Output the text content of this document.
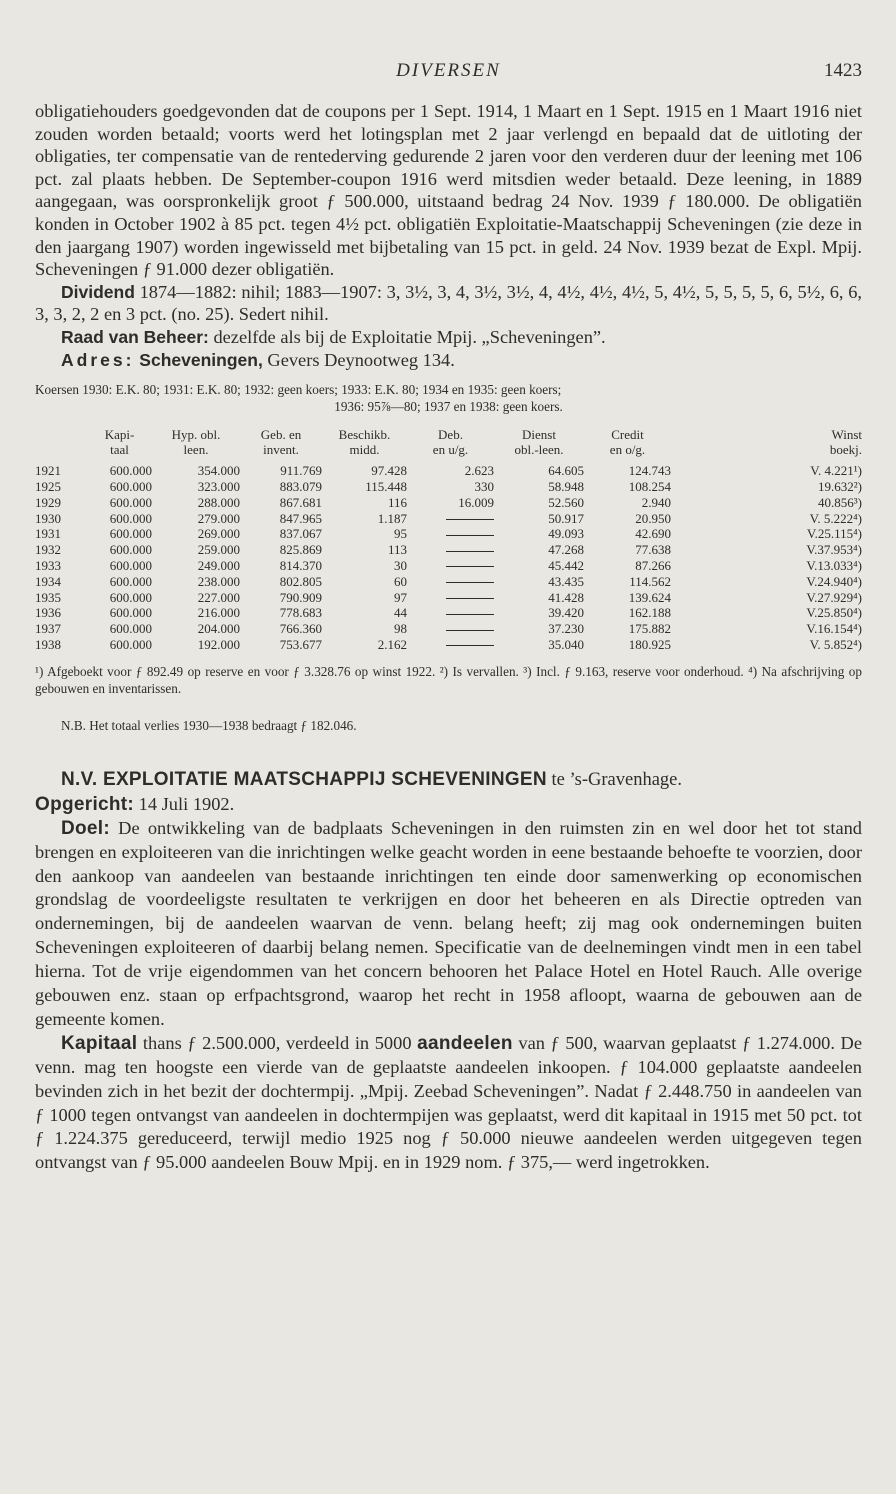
DIVERSEN	1423

obligatiehouders goedgevonden dat de coupons per 1 Sept. 1914, 1 Maart en 1 Sept. 1915 en 1 Maart 1916 niet zouden worden betaald; voorts werd het lotingsplan met 2 jaar verlengd en bepaald dat de uitloting der obligaties, ter compensatie van de rentederving gedurende 2 jaren voor den verderen duur der leening met 106 pct. zal plaats hebben. De September-coupon 1916 werd mitsdien weder betaald. Deze leening, in 1889 aangegaan, was oorspronkelijk groot ƒ 500.000, uitstaand bedrag 24 Nov. 1939 ƒ 180.000. De obligatiën konden in October 1902 à 85 pct. tegen 4½ pct. obligatiën Exploitatie-Maatschappij Scheveningen (zie deze in den jaargang 1907) worden ingewisseld met bijbetaling van 15 pct. in geld. 24 Nov. 1939 bezat de Expl. Mpij. Scheveningen ƒ 91.000 dezer obligatiën.

Dividend 1874—1882: nihil; 1883—1907: 3, 3½, 3, 4, 3½, 3½, 4, 4½, 4½, 4½, 5, 4½, 5, 5, 5, 5, 6, 5½, 6, 6, 3, 3, 2, 2 en 3 pct. (no. 25). Sedert nihil.

Raad van Beheer: dezelfde als bij de Exploitatie Mpij. „Scheveningen”.

Adres: Scheveningen, Gevers Deynootweg 134.

Koersen 1930: E.K. 80; 1931: E.K. 80; 1932: geen koers; 1933: E.K. 80; 1934 en 1935: geen koers;
1936: 95⅞—80; 1937 en 1938: geen koers.
	Kapi-	Hyp. obl.	Geb. en	Beschikb.	Deb.	Dienst	Credit	Winst
	taal	leen.	invent.	midd.	en u/g.	obl.-leen.	en o/g.	boekj.

1921	600.000	354.000	911.769	97.428	2.623	64.605	124.743	V. 4.221¹)
1925	600.000	323.000	883.079	115.448	330	58.948	108.254	19.632²)
1929	600.000	288.000	867.681	116	16.009	52.560	2.940	40.856³)
1930	600.000	279.000	847.965	1.187		50.917	20.950	V. 5.222⁴)
1931	600.000	269.000	837.067	95		49.093	42.690	V.25.115⁴)
1932	600.000	259.000	825.869	113		47.268	77.638	V.37.953⁴)
1933	600.000	249.000	814.370	30		45.442	87.266	V.13.033⁴)
1934	600.000	238.000	802.805	60		43.435	114.562	V.24.940⁴)
1935	600.000	227.000	790.909	97		41.428	139.624	V.27.929⁴)
1936	600.000	216.000	778.683	44		39.420	162.188	V.25.850⁴)
1937	600.000	204.000	766.360	98		37.230	175.882	V.16.154⁴)
1938	600.000	192.000	753.677	2.162		35.040	180.925	V. 5.852⁴)
¹) Afgeboekt voor ƒ 892.49 op reserve en voor ƒ 3.328.76 op winst 1922. ²) Is vervallen. ³) Incl. ƒ 9.163, reserve voor onderhoud. ⁴) Na afschrijving op gebouwen en inventarissen.
N.B. Het totaal verlies 1930—1938 bedraagt ƒ 182.046.

N.V. EXPLOITATIE MAATSCHAPPIJ SCHEVENINGEN te ’s-Gravenhage.

Opgericht: 14 Juli 1902.

Doel: De ontwikkeling van de badplaats Scheveningen in den ruimsten zin en wel door het tot stand brengen en exploiteeren van die inrichtingen welke geacht worden in eene bestaande behoefte te voorzien, door den aankoop van aandeelen van bestaande inrichtingen ten einde door samenwerking op economischen grondslag de voordeeligste resultaten te verkrijgen en door het beheeren en als Directie optreden van ondernemingen, bij de aandeelen waarvan de venn. belang heeft; zij mag ook ondernemingen buiten Scheveningen exploiteeren of daarbij belang nemen. Specificatie van de deelnemingen vindt men in een tabel hierna. Tot de vrije eigendommen van het concern behooren het Palace Hotel en Hotel Rauch. Alle overige gebouwen enz. staan op erfpachtsgrond, waarop het recht in 1958 afloopt, waarna de gebouwen aan de gemeente komen.

Kapitaal thans ƒ 2.500.000, verdeeld in 5000 aandeelen van ƒ 500, waarvan geplaatst ƒ 1.274.000. De venn. mag ten hoogste een vierde van de geplaatste aandeelen inkoopen. ƒ 104.000 geplaatste aandeelen bevinden zich in het bezit der dochtermpij. „Mpij. Zeebad Scheveningen”. Nadat ƒ 2.448.750 in aandeelen van ƒ 1000 tegen ontvangst van aandeelen in dochtermpijen was geplaatst, werd dit kapitaal in 1915 met 50 pct. tot ƒ 1.224.375 gereduceerd, terwijl medio 1925 nog ƒ 50.000 nieuwe aandeelen werden uitgegeven tegen ontvangst van ƒ 95.000 aandeelen Bouw Mpij. en in 1929 nom. ƒ 375,— werd ingetrokken.
